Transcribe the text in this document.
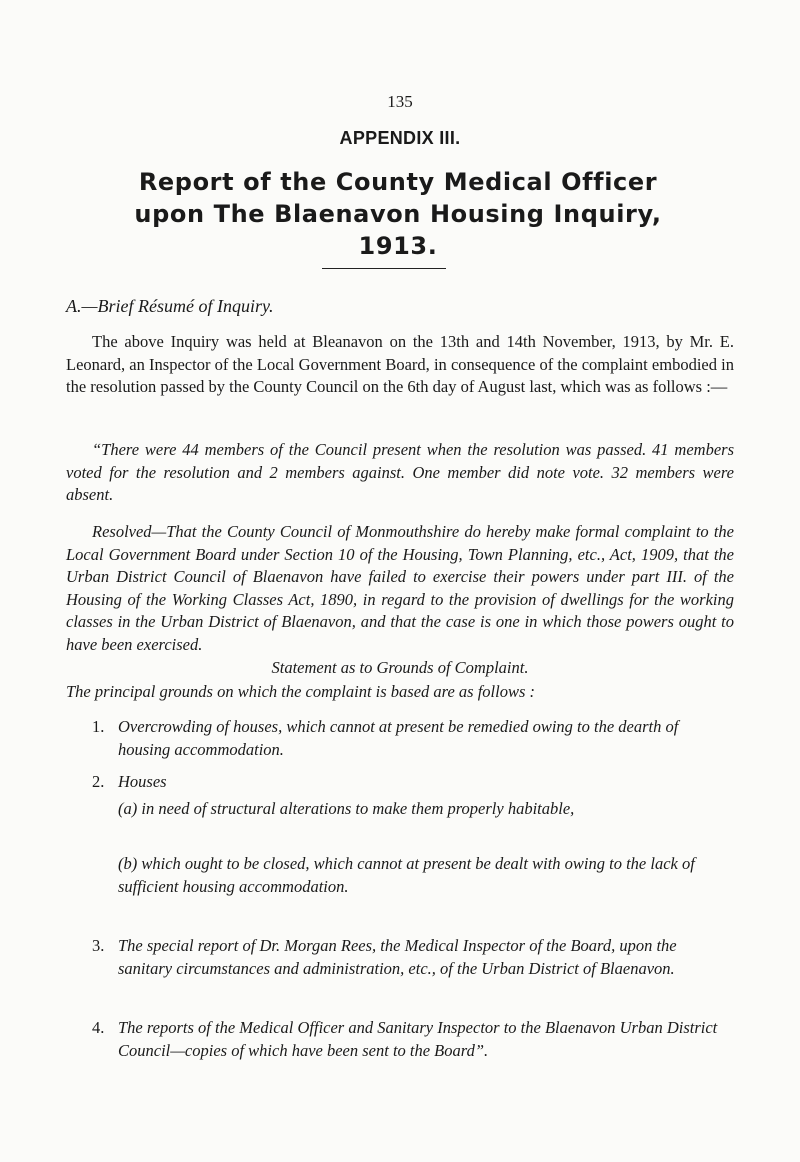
135
APPENDIX III.
Report of the County Medical Officer upon The Blaenavon Housing Inquiry, 1913.
A.—Brief Résumé of Inquiry.
The above Inquiry was held at Bleanavon on the 13th and 14th November, 1913, by Mr. E. Leonard, an Inspector of the Local Government Board, in consequence of the complaint embodied in the resolution passed by the County Council on the 6th day of August last, which was as follows :—
“There were 44 members of the Council present when the resolution was passed. 41 members voted for the resolution and 2 members against. One member did note vote. 32 members were absent.
Resolved—That the County Council of Monmouthshire do hereby make formal complaint to the Local Government Board under Section 10 of the Housing, Town Planning, etc., Act, 1909, that the Urban District Council of Blaenavon have failed to exercise their powers under part III. of the Housing of the Working Classes Act, 1890, in regard to the provision of dwellings for the working classes in the Urban District of Blaenavon, and that the case is one in which those powers ought to have been exercised.
Statement as to Grounds of Complaint.
The principal grounds on which the complaint is based are as follows :
1. Overcrowding of houses, which cannot at present be remedied owing to the dearth of housing accommodation.
2. Houses
(a) in need of structural alterations to make them properly habitable,
(b) which ought to be closed, which cannot at present be dealt with owing to the lack of sufficient housing accommodation.
3. The special report of Dr. Morgan Rees, the Medical Inspector of the Board, upon the sanitary circumstances and administration, etc., of the Urban District of Blaenavon.
4. The reports of the Medical Officer and Sanitary Inspector to the Blaenavon Urban District Council—copies of which have been sent to the Board”.
